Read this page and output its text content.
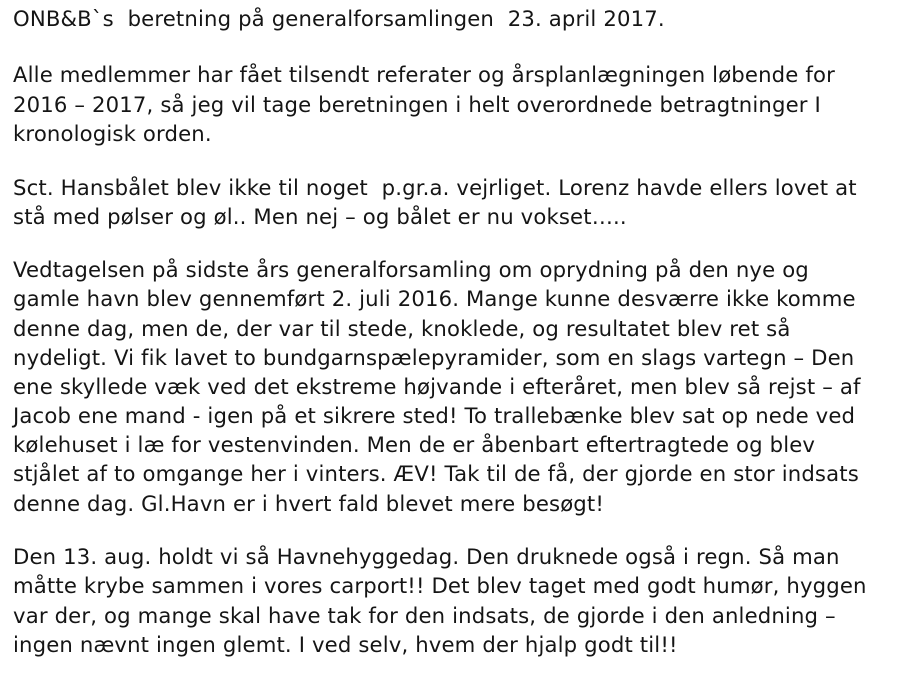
ONB&B`s  beretning på generalforsamlingen  23. april 2017.
Alle medlemmer har fået tilsendt referater og årsplanlægningen løbende for
2016 – 2017, så jeg vil tage beretningen i helt overordnede betragtninger I
kronologisk orden.
Sct. Hansbålet blev ikke til noget  p.gr.a. vejrliget. Lorenz havde ellers lovet at
stå med pølser og øl.. Men nej – og bålet er nu vokset…..
Vedtagelsen på sidste års generalforsamling om oprydning på den nye og
gamle havn blev gennemført 2. juli 2016. Mange kunne desværre ikke komme
denne dag, men de, der var til stede, knoklede, og resultatet blev ret så
nydeligt. Vi fik lavet to bundgarnspælepyramider, som en slags vartegn – Den
ene skyllede væk ved det ekstreme højvande i efteråret, men blev så rejst – af
Jacob ene mand - igen på et sikrere sted! To trallebænke blev sat op nede ved
kølehuset i læ for vestenvinden. Men de er åbenbart eftertragtede og blev
stjålet af to omgange her i vinters. ÆV! Tak til de få, der gjorde en stor indsats
denne dag. Gl.Havn er i hvert fald blevet mere besøgt!
Den 13. aug. holdt vi så Havnehyggedag. Den druknede også i regn. Så man
måtte krybe sammen i vores carport!! Det blev taget med godt humør, hyggen
var der, og mange skal have tak for den indsats, de gjorde i den anledning –
ingen nævnt ingen glemt. I ved selv, hvem der hjalp godt til!!
